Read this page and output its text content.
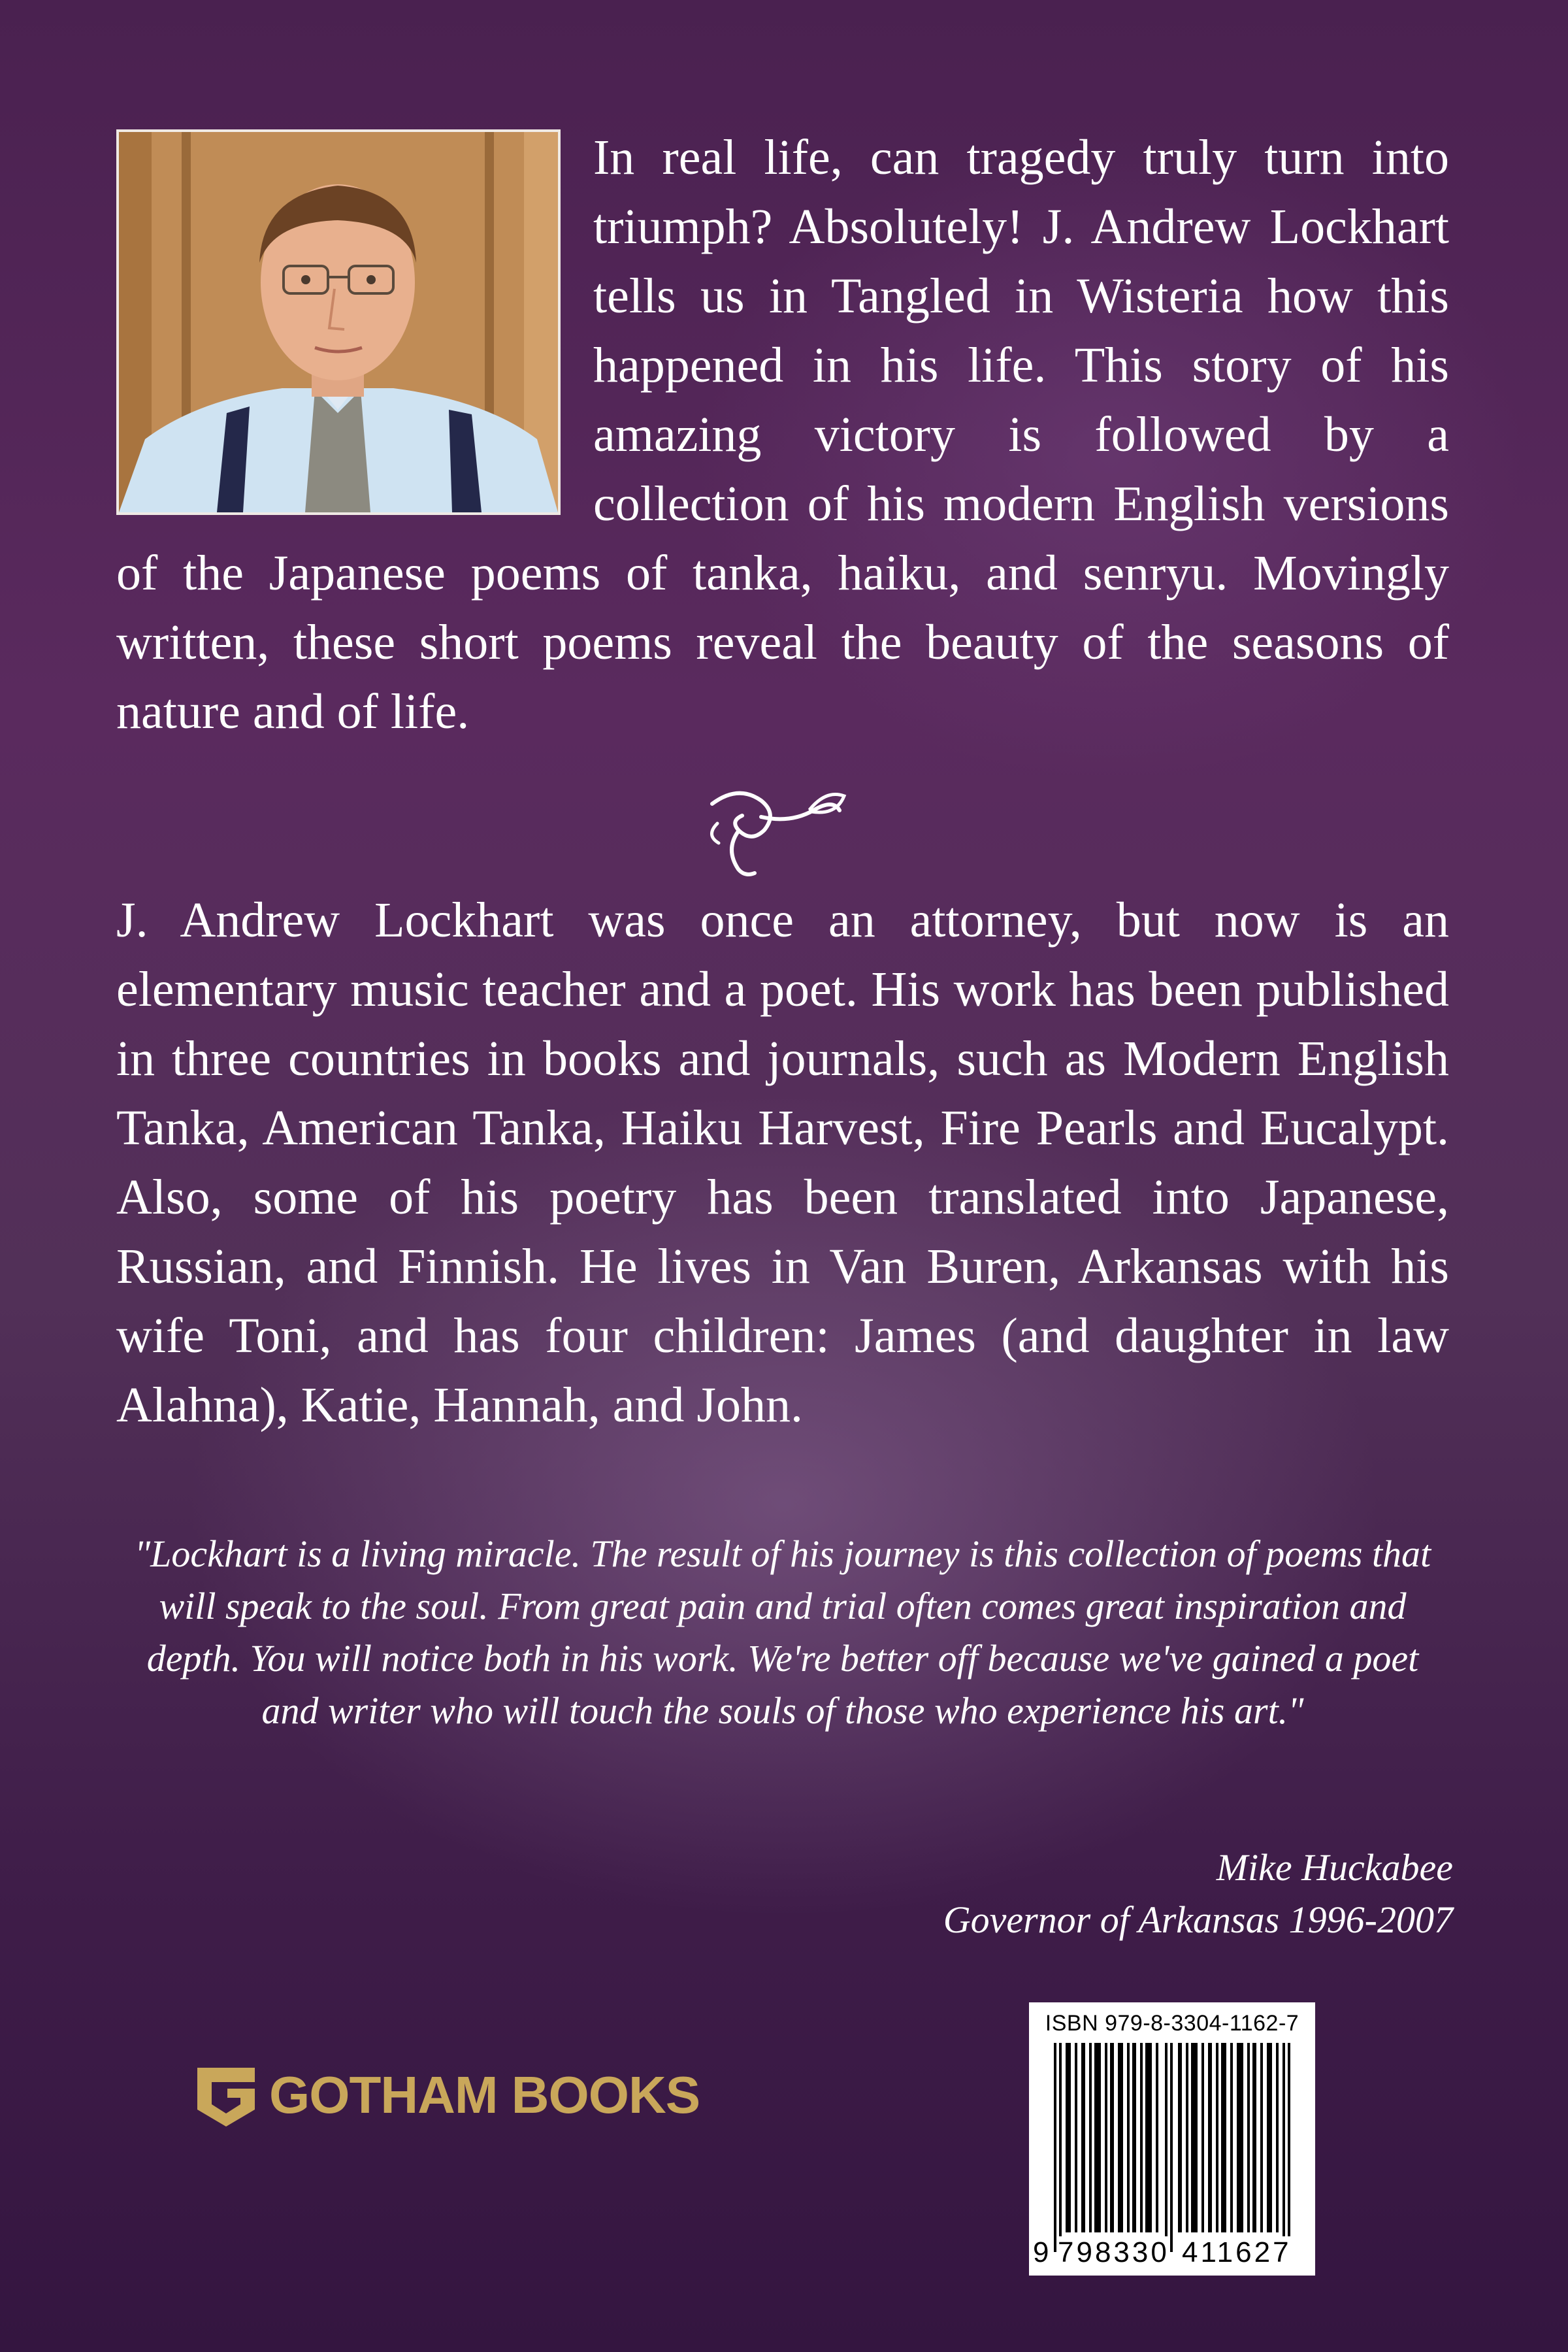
In real life, can tragedy truly turn into triumph? Absolutely! J. Andrew Lockhart tells us in Tangled in Wisteria how this happened in his life. This story of his amazing victory is followed by a collection of his modern English versions of the Japanese poems of tanka, haiku, and senryu. Movingly written, these short poems reveal the beauty of the seasons of nature and of life.

J. Andrew Lockhart was once an attorney, but now is an elementary music teacher and a poet. His work has been published in three countries in books and journals, such as Modern English Tanka, American Tanka, Haiku Harvest, Fire Pearls and Eucalypt. Also, some of his poetry has been translated into Japanese, Russian, and Finnish. He lives in Van Buren, Arkansas with his wife Toni, and has four children: James (and daughter in law Alahna), Katie, Hannah, and John.

"Lockhart is a living miracle. The result of his journey is this collection of poems that will speak to the soul. From great pain and trial often comes great inspiration and depth. You will notice both in his work. We're better off because we've gained a poet and writer who will touch the souls of those who experience his art."

Mike Huckabee

Governor of Arkansas 1996-2007

GOTHAM BOOKS
ISBN 979-8-3304-1162-7
9 798330 411627
